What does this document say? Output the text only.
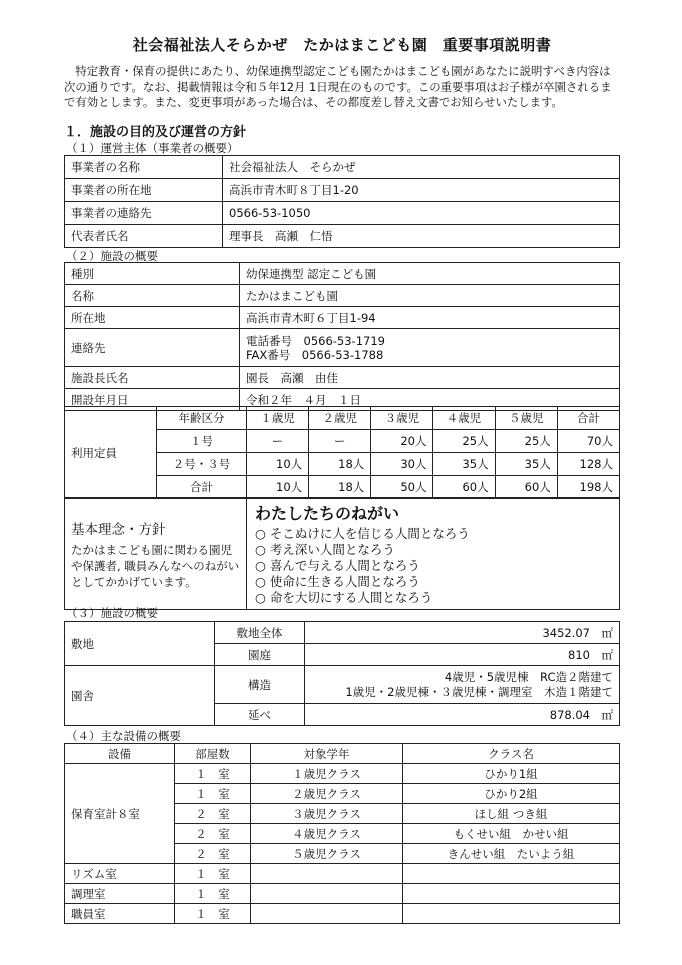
社会福祉法人そらかぜ　たかはまこども園　重要事項説明書

特定教育・保育の提供にあたり、幼保連携型認定こども園たかはまこども園があなたに説明すべき内容は次の通りです。なお、掲載情報は令和５年12月 1日現在のものです。この重要事項はお子様が卒園されるまで有効とします。また、変更事項があった場合は、その都度差し替え文書でお知らせいたします。

１．施設の目的及び運営の方針
（１）運営主体（事業者の概要）
事業者の名称	社会福祉法人　そらかぜ
事業者の所在地	高浜市青木町８丁目1-20
事業者の連絡先	0566-53-1050
代表者氏名	理事長　高瀬　仁悟
（２）施設の概要
種別	幼保連携型 認定こども園
名称	たかはまこども園
所在地	高浜市青木町６丁目1-94
連絡先	電話番号　0566-53-1719
FAX番号　0566-53-1788

施設長氏名	園長　高瀬　由佳
開設年月日	令和２年　４月　１日
利用定員	年齢区分	１歳児	２歳児	３歳児	４歳児	５歳児	合計
	１号	ー	ー	20人	25人	25人	70人
	２号・３号	10人	18人	30人	35人	35人	128人
	合計	10人	18人	50人	60人	60人	198人
基本理念・方針
たかはまこども園に関わる園児や保護者, 職員みんなへのねがいとしてかかげています。

わたしたちのねがい
○ そこぬけに人を信じる人間となろう
○ 考え深い人間となろう
○ 喜んで与える人間となろう
○ 使命に生きる人間となろう
○ 命を大切にする人間となろう
（３）施設の概要
敷地	敷地全体	3452.07　㎡
	園庭	810　㎡
園舎	構造	4歳児・5歳児棟　RC造２階建て
1歳児・2歳児棟・３歳児棟・調理室　木造１階建て

	延べ	878.04　㎡
（４）主な設備の概要
設備	部屋数	対象学年	クラス名
保育室計８室	１　室	１歳児クラス	ひかり1組
	１　室	２歳児クラス	ひかり2組
	２　室	３歳児クラス	ほし組 つき組
	２　室	４歳児クラス	もくせい組　かせい組
	２　室	５歳児クラス	きんせい組　たいよう組
リズム室	１　室		
調理室	１　室		
職員室	１　室		
